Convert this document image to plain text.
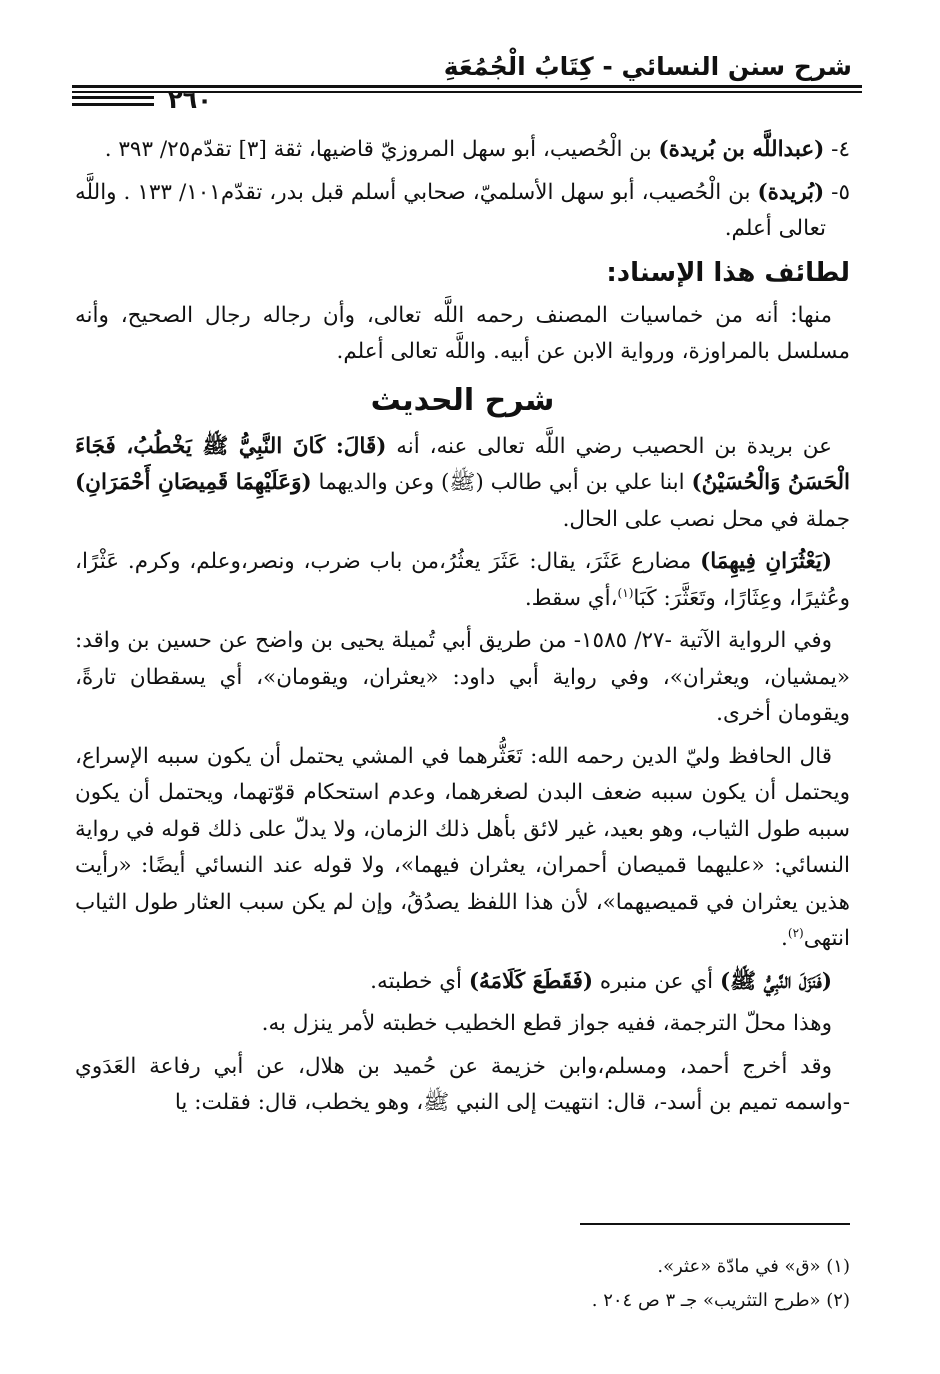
شرح سنن النسائي - كِتَابُ الْجُمُعَةِ
٢٦٠

٤- (عبداللَّه بن بُريدة) بن الْحُصيب، أبو سهل المروزيّ قاضيها، ثقة [٣] تقدّم٢٥/ ٣٩٣ .

٥- (بُريدة) بن الْحُصيب، أبو سهل الأسلميّ، صحابي أسلم قبل بدر، تقدّم١٠١/ ١٣٣ . واللَّه تعالى أعلم.

لطائف هذا الإسناد:

منها: أنه من خماسيات المصنف رحمه اللَّه تعالى، وأن رجاله رجال الصحيح، وأنه مسلسل بالمراوزة، ورواية الابن عن أبيه. واللَّه تعالى أعلم.

شرح الحديث

عن بريدة بن الحصيب رضي اللَّه تعالى عنه، أنه (قَالَ: كَانَ النَّبِيُّ ﷺ يَخْطُبُ، فَجَاءَ الْحَسَنُ وَالْحُسَيْنُ) ابنا علي بن أبي طالب (ﷺ) وعن والديهما (وَعَلَيْهِمَا قَمِيصَانِ أَحْمَرَانِ) جملة في محل نصب على الحال.

(يَعْثُرَانِ فِيهِمَا) مضارع عَثَرَ، يقال: عَثَرَ يعثُرُ،من باب ضرب، ونصر،وعلم، وكرم. عَثْرًا، وعُثيرًا، وعِثَارًا، وتَعَثَّرَ: كَبَا$^{(١)}$،أي سقط.

وفي الرواية الآتية -٢٧/ ١٥٨٥- من طريق أبي تُميلة يحيى بن واضح عن حسين بن واقد: «يمشيان، ويعثران»، وفي رواية أبي داود: «يعثران، ويقومان»، أي يسقطان تارةً، ويقومان أخرى.

قال الحافظ وليّ الدين رحمه الله: تَعَثُّرهما في المشي يحتمل أن يكون سببه الإسراع، ويحتمل أن يكون سببه ضعف البدن لصغرهما، وعدم استحكام قوّتهما، ويحتمل أن يكون سببه طول الثياب، وهو بعيد، غير لائق بأهل ذلك الزمان، ولا يدلّ على ذلك قوله في رواية النسائي: «عليهما قميصان أحمران، يعثران فيهما»، ولا قوله عند النسائي أيضًا: «رأيت هذين يعثران في قميصيهما»، لأن هذا اللفظ يصدُقُ، وإن لم يكن سبب العثار طول الثياب انتهى$^{(٢)}$.

(فَنَزَلَ النَّبِيُّ ﷺ) أي عن منبره (فَقَطَعَ كَلَامَهُ) أي خطبته.

وهذا محلّ الترجمة، ففيه جواز قطع الخطيب خطبته لأمر ينزل به.

وقد أخرج أحمد، ومسلم،وابن خزيمة عن حُميد بن هلال، عن أبي رفاعة العَدَوي -واسمه تميم بن أسد-، قال: انتهيت إلى النبي ﷺ، وهو يخطب، قال: فقلت: يا

(١) «ق» في مادّة «عثر».

(٢) «طرح التثريب» جـ ٣ ص ٢٠٤ .
